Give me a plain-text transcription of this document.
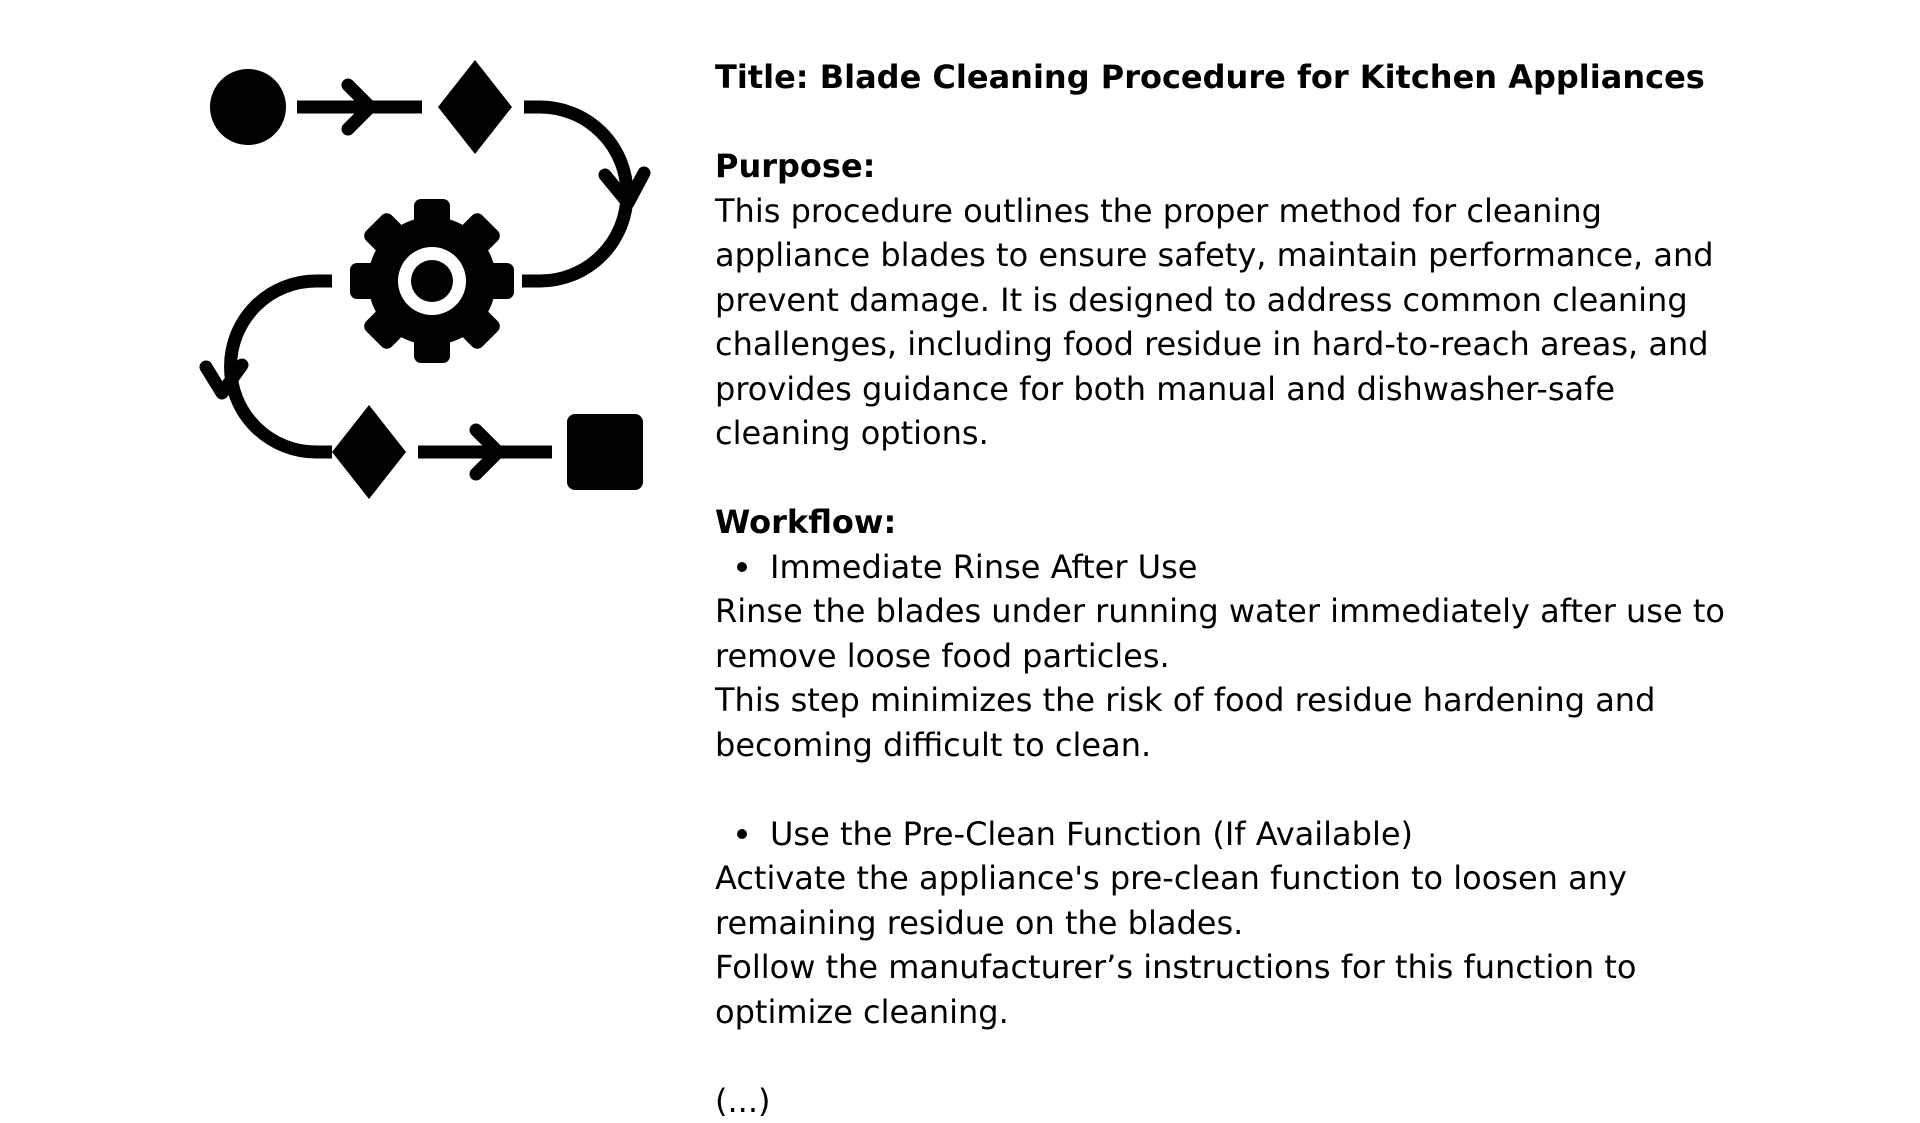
Title: Blade Cleaning Procedure for Kitchen Appliances

Purpose:

This procedure outlines the proper method for cleaning appliance blades to ensure safety, maintain performance, and prevent damage. It is designed to address common cleaning challenges, including food residue in hard-to-reach areas, and provides guidance for both manual and dishwasher-safe cleaning options.

Workflow:

Immediate Rinse After Use

Rinse the blades under running water immediately after use to remove loose food particles.

This step minimizes the risk of food residue hardening and becoming difficult to clean.

Use the Pre-Clean Function (If Available)

Activate the appliance's pre-clean function to loosen any remaining residue on the blades.

Follow the manufacturer’s instructions for this function to optimize cleaning.

(...)
